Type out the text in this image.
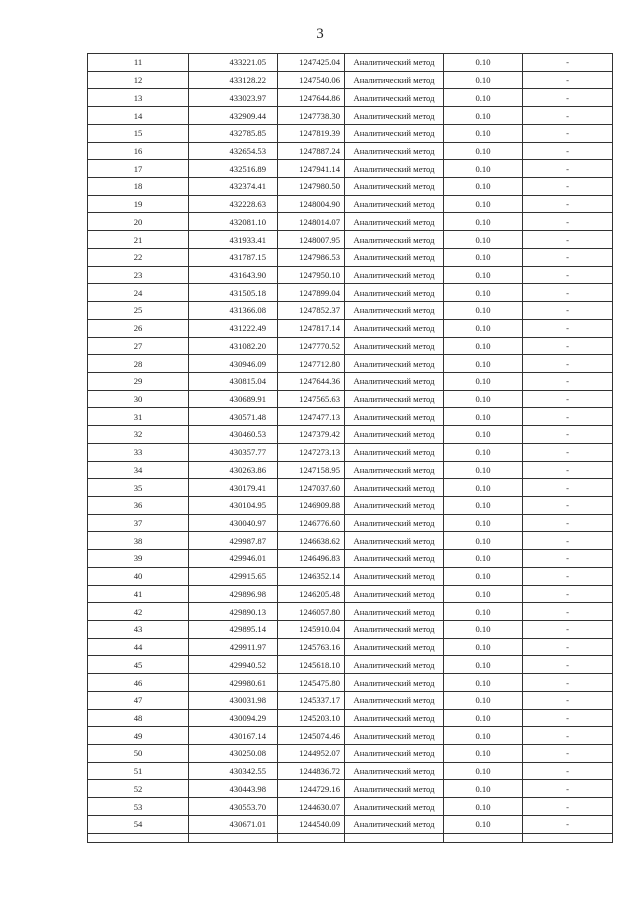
3
11	433221.05	1247425.04	Аналитический метод	0.10	-
12	433128.22	1247540.06	Аналитический метод	0.10	-
13	433023.97	1247644.86	Аналитический метод	0.10	-
14	432909.44	1247738.30	Аналитический метод	0.10	-
15	432785.85	1247819.39	Аналитический метод	0.10	-
16	432654.53	1247887.24	Аналитический метод	0.10	-
17	432516.89	1247941.14	Аналитический метод	0.10	-
18	432374.41	1247980.50	Аналитический метод	0.10	-
19	432228.63	1248004.90	Аналитический метод	0.10	-
20	432081.10	1248014.07	Аналитический метод	0.10	-
21	431933.41	1248007.95	Аналитический метод	0.10	-
22	431787.15	1247986.53	Аналитический метод	0.10	-
23	431643.90	1247950.10	Аналитический метод	0.10	-
24	431505.18	1247899.04	Аналитический метод	0.10	-
25	431366.08	1247852.37	Аналитический метод	0.10	-
26	431222.49	1247817.14	Аналитический метод	0.10	-
27	431082.20	1247770.52	Аналитический метод	0.10	-
28	430946.09	1247712.80	Аналитический метод	0.10	-
29	430815.04	1247644.36	Аналитический метод	0.10	-
30	430689.91	1247565.63	Аналитический метод	0.10	-
31	430571.48	1247477.13	Аналитический метод	0.10	-
32	430460.53	1247379.42	Аналитический метод	0.10	-
33	430357.77	1247273.13	Аналитический метод	0.10	-
34	430263.86	1247158.95	Аналитический метод	0.10	-
35	430179.41	1247037.60	Аналитический метод	0.10	-
36	430104.95	1246909.88	Аналитический метод	0.10	-
37	430040.97	1246776.60	Аналитический метод	0.10	-
38	429987.87	1246638.62	Аналитический метод	0.10	-
39	429946.01	1246496.83	Аналитический метод	0.10	-
40	429915.65	1246352.14	Аналитический метод	0.10	-
41	429896.98	1246205.48	Аналитический метод	0.10	-
42	429890.13	1246057.80	Аналитический метод	0.10	-
43	429895.14	1245910.04	Аналитический метод	0.10	-
44	429911.97	1245763.16	Аналитический метод	0.10	-
45	429940.52	1245618.10	Аналитический метод	0.10	-
46	429980.61	1245475.80	Аналитический метод	0.10	-
47	430031.98	1245337.17	Аналитический метод	0.10	-
48	430094.29	1245203.10	Аналитический метод	0.10	-
49	430167.14	1245074.46	Аналитический метод	0.10	-
50	430250.08	1244952.07	Аналитический метод	0.10	-
51	430342.55	1244836.72	Аналитический метод	0.10	-
52	430443.98	1244729.16	Аналитический метод	0.10	-
53	430553.70	1244630.07	Аналитический метод	0.10	-
54	430671.01	1244540.09	Аналитический метод	0.10	-
